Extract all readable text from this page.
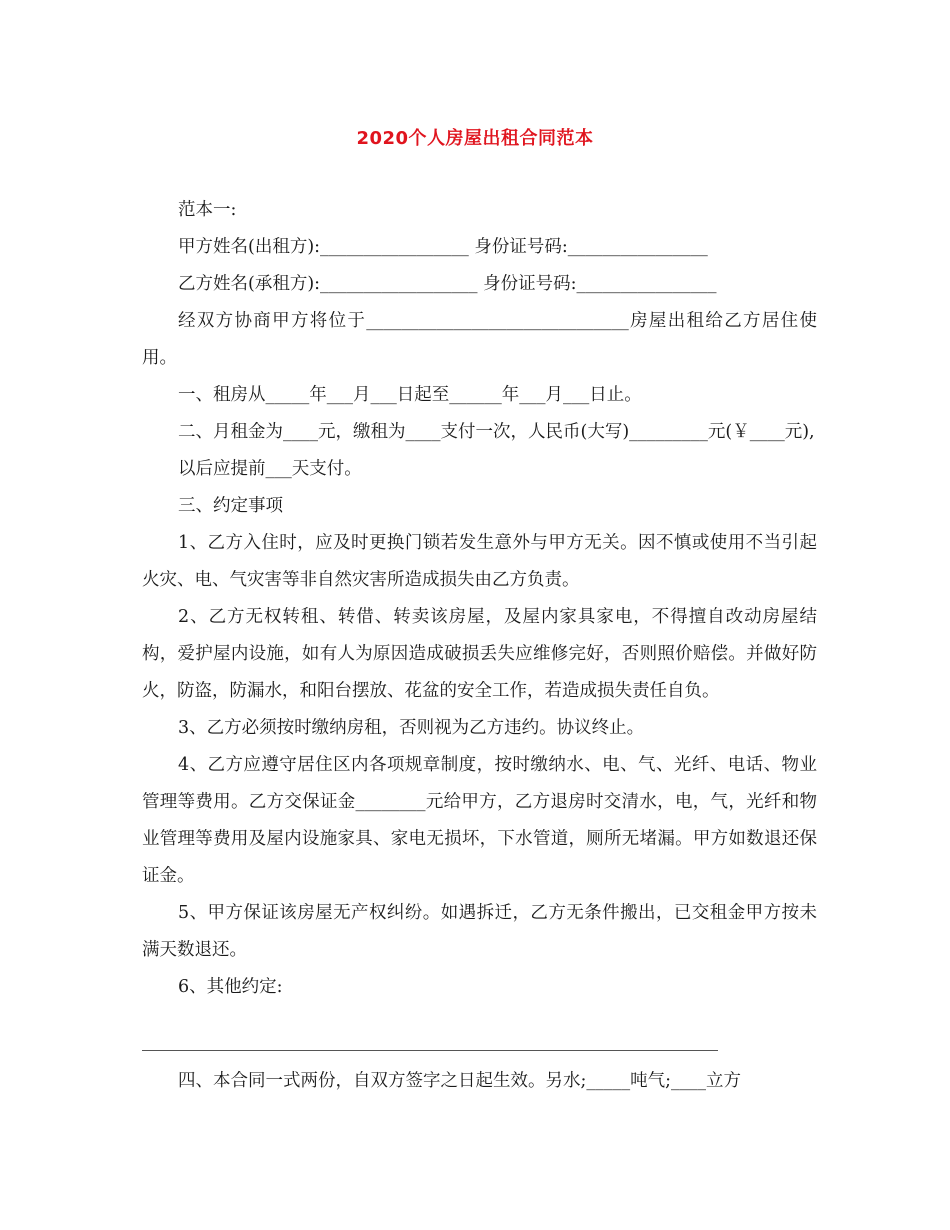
2020个人房屋出租合同范本

范本一:

甲方姓名(出租方):_________________ 身份证号码:________________

乙方姓名(承租方):__________________ 身份证号码:________________

经双方协商甲方将位于______________________________房屋出租给乙方居住使用。

一、租房从_____年___月___日起至______年___月___日止。

二、月租金为____元，缴租为____支付一次，人民币(大写)_________元(￥____元),

以后应提前___天支付。

三、约定事项

1、乙方入住时，应及时更换门锁若发生意外与甲方无关。因不慎或使用不当引起火灾、电、气灾害等非自然灾害所造成损失由乙方负责。

2、乙方无权转租、转借、转卖该房屋，及屋内家具家电，不得擅自改动房屋结构，爱护屋内设施，如有人为原因造成破损丢失应维修完好，否则照价赔偿。并做好防火，防盗，防漏水，和阳台摆放、花盆的安全工作，若造成损失责任自负。

3、乙方必须按时缴纳房租，否则视为乙方违约。协议终止。

4、乙方应遵守居住区内各项规章制度，按时缴纳水、电、气、光纤、电话、物业管理等费用。乙方交保证金________元给甲方，乙方退房时交清水，电，气，光纤和物业管理等费用及屋内设施家具、家电无损坏，下水管道，厕所无堵漏。甲方如数退还保证金。

5、甲方保证该房屋无产权纠纷。如遇拆迁，乙方无条件搬出，已交租金甲方按未满天数退还。

6、其他约定:

四、本合同一式两份，自双方签字之日起生效。另水;_____吨气;____立方
